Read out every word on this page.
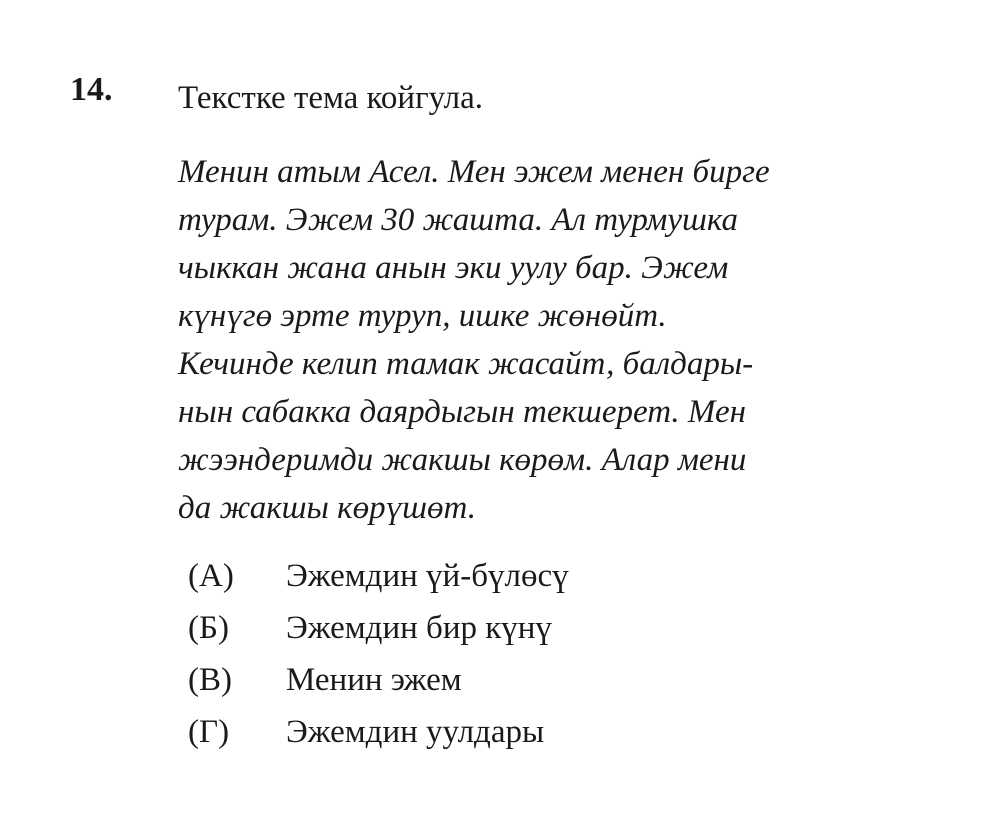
14. Текстке тема койгула.
Менин атым Асел. Мен эжем менен бирге
турам. Эжем 30 жашта. Ал турмушка
чыккан жана анын эки уулу бар. Эжем
күнүгө эрте туруп, ишке жөнөйт.
Кечинде келип тамак жасайт, балдары-
нын сабакка даярдыгын текшерет. Мен
жээндеримди жакшы көрөм. Алар мени
да жакшы көрүшөт.
(А)	Эжемдин үй-бүлөсү
(Б)	Эжемдин бир күнү
(В)	Менин эжем
(Г)	Эжемдин уулдары
